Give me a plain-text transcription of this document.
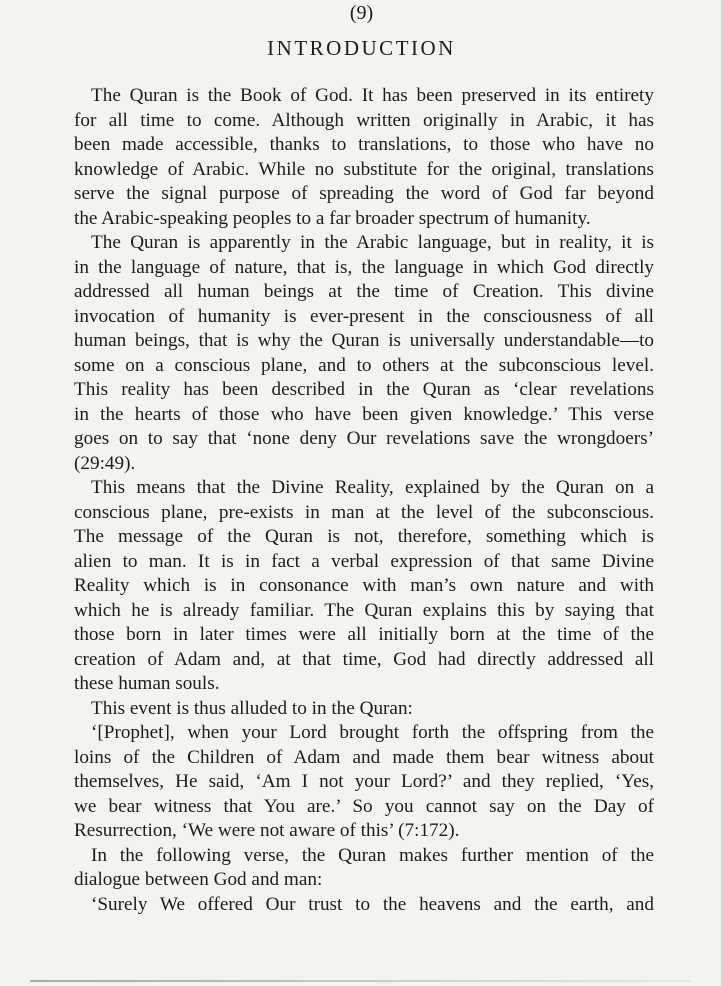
(9)
INTRODUCTION

The Quran is the Book of God. It has been preserved in its entirety
for all time to come. Although written originally in Arabic, it has
been made accessible, thanks to translations, to those who have no
knowledge of Arabic. While no substitute for the original, translations
serve the signal purpose of spreading the word of God far beyond
the Arabic-speaking peoples to a far broader spectrum of humanity.

The Quran is apparently in the Arabic language, but in reality, it is
in the language of nature, that is, the language in which God directly
addressed all human beings at the time of Creation. This divine
invocation of humanity is ever-present in the consciousness of all
human beings, that is why the Quran is universally understandable—to
some on a conscious plane, and to others at the subconscious level.
This reality has been described in the Quran as ‘clear revelations
in the hearts of those who have been given knowledge.’ This verse
goes on to say that ‘none deny Our revelations save the wrongdoers’
(29:49).

This means that the Divine Reality, explained by the Quran on a
conscious plane, pre-exists in man at the level of the subconscious.
The message of the Quran is not, therefore, something which is
alien to man. It is in fact a verbal expression of that same Divine
Reality which is in consonance with man’s own nature and with
which he is already familiar. The Quran explains this by saying that
those born in later times were all initially born at the time of the
creation of Adam and, at that time, God had directly addressed all
these human souls.

This event is thus alluded to in the Quran:

‘[Prophet], when your Lord brought forth the offspring from the
loins of the Children of Adam and made them bear witness about
themselves, He said, ‘Am I not your Lord?’ and they replied, ‘Yes,
we bear witness that You are.’ So you cannot say on the Day of
Resurrection, ‘We were not aware of this’ (7:172).

In the following verse, the Quran makes further mention of the
dialogue between God and man:

‘Surely We offered Our trust to the heavens and the earth, and
